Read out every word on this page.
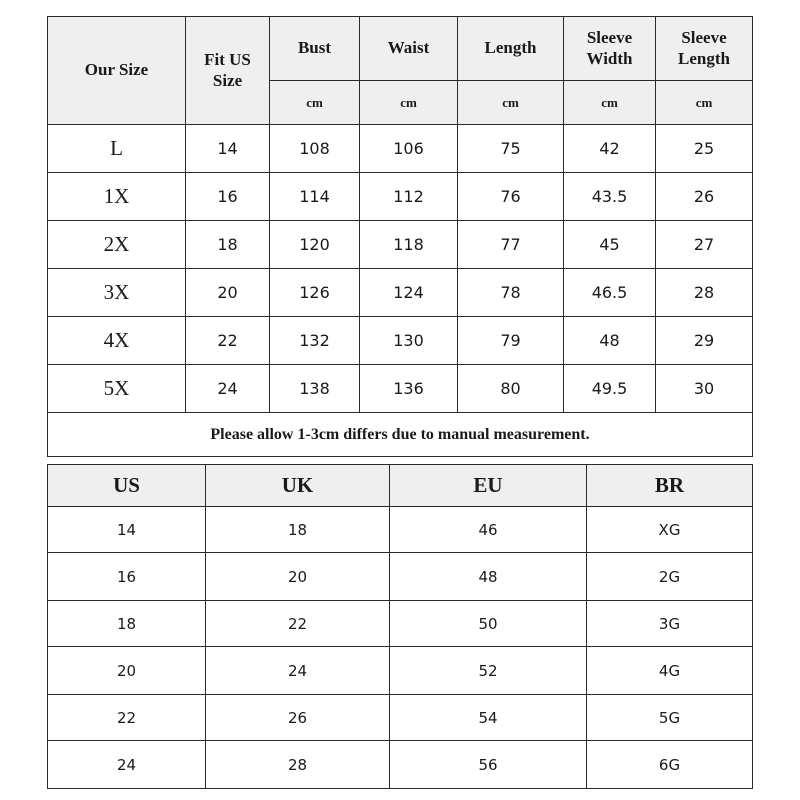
Our Size	Fit US Size	Bust	Waist	Length	Sleeve Width	Sleeve Length
		cm	cm	cm	cm	cm
L	14	108	106	75	42	25
1X	16	114	112	76	43.5	26
2X	18	120	118	77	45	27
3X	20	126	124	78	46.5	28
4X	22	132	130	79	48	29
5X	24	138	136	80	49.5	30
Please allow 1-3cm differs due to manual measurement.						
US	UK	EU	BR
14	18	46	XG
16	20	48	2G
18	22	50	3G
20	24	52	4G
22	26	54	5G
24	28	56	6G
